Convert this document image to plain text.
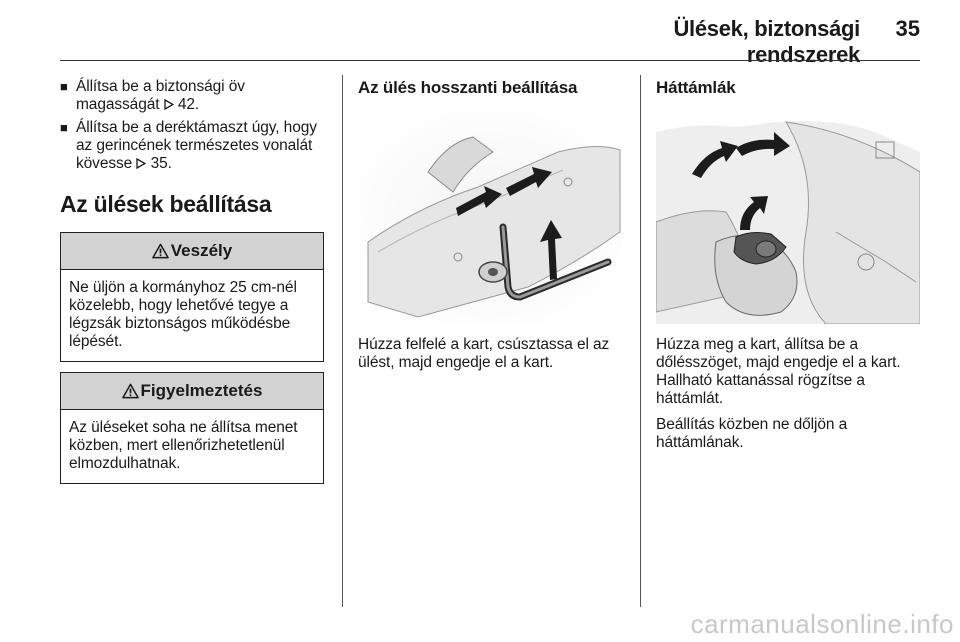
Ülések, biztonsági rendszerek
35
■ Állítsa be a biztonsági öv magasságát  42.
■ Állítsa be a deréktámaszt úgy, hogy az gerincének természetes vonalát kövesse  35.
Az ülések beállítása
Veszély
Ne üljön a kormányhoz 25 cm-nél közelebb, hogy lehetővé tegye a légzsák biztonságos működésbe lépését.
Figyelmeztetés
Az üléseket soha ne állítsa menet közben, mert ellenőrizhetetlenül elmozdulhatnak.
Az ülés hosszanti beállítása
Húzza felfelé a kart, csúsztassa el az ülést, majd engedje el a kart.
Háttámlák
Húzza meg a kart, állítsa be a dőlésszöget, majd engedje el a kart. Hallható kattanással rögzítse a háttámlát.
Beállítás közben ne dőljön a háttámlának.
carmanualsonline.info
